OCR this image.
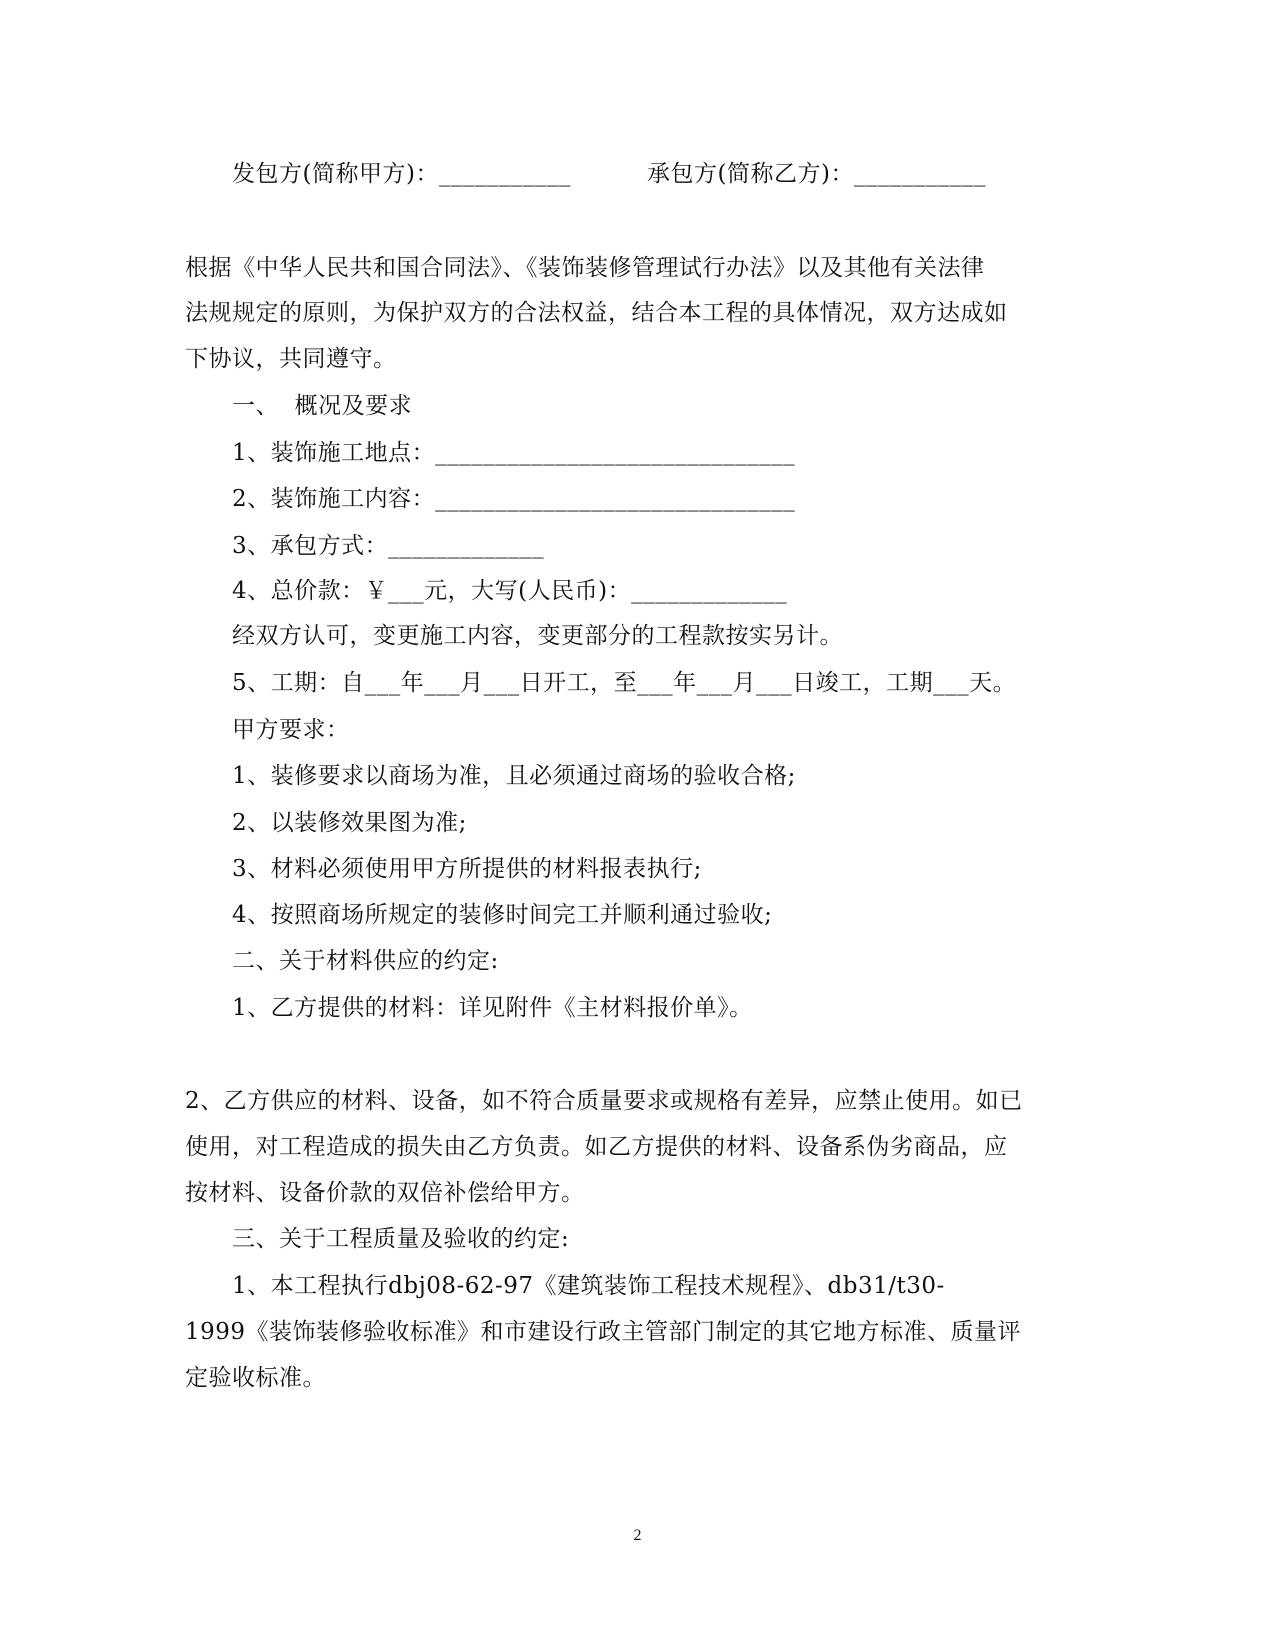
发包方(简称甲方)：___________	承包方(简称乙方)：___________
根据《中华人民共和国合同法》、《装饰装修管理试行办法》以及其他有关法律
法规规定的原则，为保护双方的合法权益，结合本工程的具体情况，双方达成如
下协议，共同遵守。
一、  概况及要求
1、装饰施工地点：______________________________
2、装饰施工内容：______________________________
3、承包方式：_____________
4、总价款：￥___元，大写(人民币)：_____________
经双方认可，变更施工内容，变更部分的工程款按实另计。
5、工期：自___年___月___日开工，至___年___月___日竣工，工期___天。
甲方要求：
1、装修要求以商场为准，且必须通过商场的验收合格;
2、以装修效果图为准;
3、材料必须使用甲方所提供的材料报表执行;
4、按照商场所规定的装修时间完工并顺利通过验收;
二、关于材料供应的约定:
1、乙方提供的材料：详见附件《主材料报价单》。
2、乙方供应的材料、设备，如不符合质量要求或规格有差异，应禁止使用。如已
使用，对工程造成的损失由乙方负责。如乙方提供的材料、设备系伪劣商品，应
按材料、设备价款的双倍补偿给甲方。
三、关于工程质量及验收的约定:
1、本工程执行dbj08-62-97《建筑装饰工程技术规程》、db31/t30-
1999《装饰装修验收标准》和市建设行政主管部门制定的其它地方标准、质量评
定验收标准。
2
